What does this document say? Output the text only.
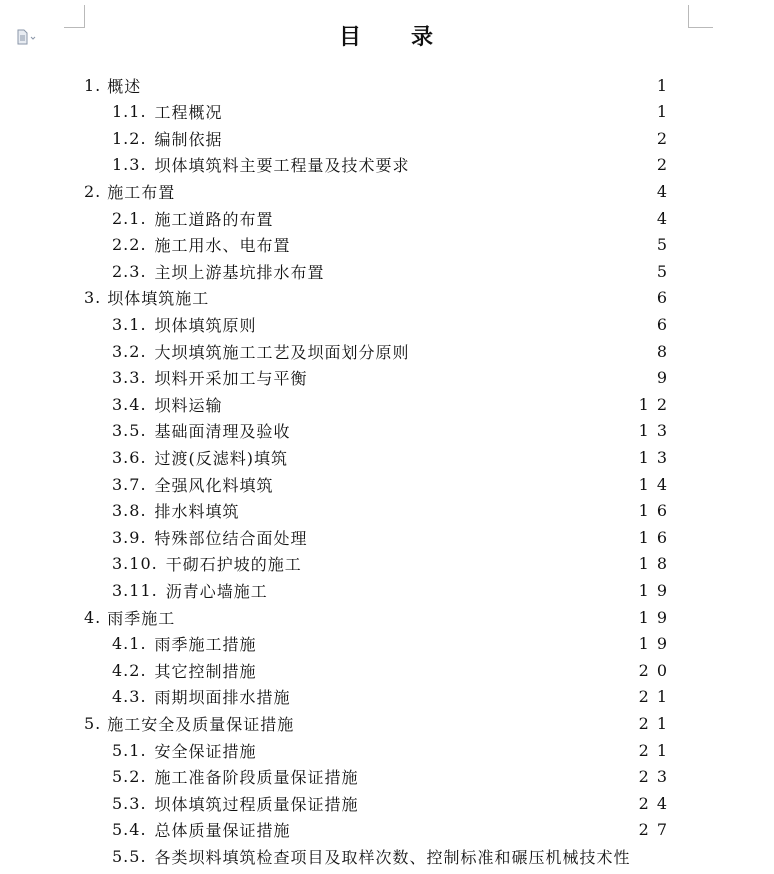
目 录
1. 概述	1
1.1. 工程概况	1
1.2. 编制依据	2
1.3. 坝体填筑料主要工程量及技术要求	2
2. 施工布置	4
2.1. 施工道路的布置	4
2.2. 施工用水、电布置	5
2.3. 主坝上游基坑排水布置	5
3. 坝体填筑施工	6
3.1. 坝体填筑原则	6
3.2. 大坝填筑施工工艺及坝面划分原则	8
3.3. 坝料开采加工与平衡	9
3.4. 坝料运输	12
3.5. 基础面清理及验收	13
3.6. 过渡(反滤料)填筑	13
3.7. 全强风化料填筑	14
3.8. 排水料填筑	16
3.9. 特殊部位结合面处理	16
3.10. 干砌石护坡的施工	18
3.11. 沥青心墙施工	19
4. 雨季施工	19
4.1. 雨季施工措施	19
4.2. 其它控制措施	20
4.3. 雨期坝面排水措施	21
5. 施工安全及质量保证措施	21
5.1. 安全保证措施	21
5.2. 施工准备阶段质量保证措施	23
5.3. 坝体填筑过程质量保证措施	24
5.4. 总体质量保证措施	27
5.5. 各类坝料填筑检查项目及取样次数、控制标准和碾压机械技术性
